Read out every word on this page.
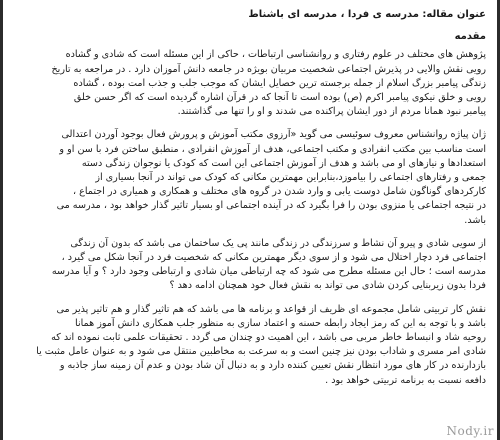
عنوان مقاله: مدرسه ی فردا ، مدرسه ای باشناط
مقدمه
پژوهش های مختلف در علوم رفتاری و روانشناسی ارتباطات ، حاکی از این مسئله است که شادی و گشاده
رویی نقش والایی در پذیرش اجتماعی شخصیت مربیان بویژه در جامعه دانش آموزان دارد . در مراجعه به تاریخ
زندگی پیامبر بزرگ اسلام از جمله برجسته ترین خصایل ایشان که موجب جلب و جذب امت بوده ، گشاده
رویی و خلق نیکوی پیامبر اکرم (ص) بوده است تا آنجا که در قرآن اشاره گردیده است که اگر حسن خلق
پیامبر نبود همانا مردم از دور ایشان پراکنده می شدند و او را تنها می گذاشتند.
ژان پیاژه روانشناس معروف سوئیسی می گوید «آرزوی مکتب آموزش و پرورش فعال بوجود آوردن اعتدالی
است مناسب بین مکتب انفرادی و مکتب اجتماعی، هدف از آموزش انفرادی ، منطبق ساختن فرد با سن او و
استعدادها و نیازهای او می باشد و هدف از آموزش اجتماعی این است که کودک یا نوجوان زندگی دسته
جمعی و رفتارهای اجتماعی را بیاموزد،بنابراین مهمترین مکانی که کودک می تواند در آنجا بسیاری از
کارکردهای گوناگون شامل دوست یابی و وارد شدن در گروه های مختلف و همکاری و همیاری در اجتماع ،
در نتیجه اجتماعی یا منزوی بودن را فرا بگیرد که در آینده اجتماعی او بسیار تاثیر گذار خواهد بود ، مدرسه می
باشد.
از سویی شادی و پیرو آن نشاط و سرزندگی در زندگی مانند پی یک ساختمان می باشد که بدون آن زندگی
اجتماعی فرد دچار اختلال می شود و از سوی دیگر مهمترین مکانی که شخصیت فرد در آنجا شکل می گیرد ،
مدرسه است ؛ حال این مسئله مطرح می شود که چه ارتباطی میان شادی و ارتباطی وجود دارد ؟ و آیا مدرسه
فردا بدون زیربنایی کردن شادی می تواند به نقش فعال خود همچنان ادامه دهد ؟
نقش کار تربیتی شامل مجموعه ای ظریف از قواعد و برنامه ها می باشد که هم تاثیر گذار و هم تاثیر پذیر می
باشد و با توجه به این که رمز ایجاد رابطه حسنه و اعتماد سازی به منظور جلب همکاری دانش آموز همانا
روحیه شاد و انبساط خاطر مربی می باشد ، این اهمیت دو چندان می گردد . تحقیقات علمی ثابت نموده اند که
شادی امر مسری و شاداب بودن نیز چنین است و به سرعت به مخاطبین منتقل می شود و به عنوان عامل مثبت یا
بازدارنده در کار های مورد انتظار نقش تعیین کننده دارد و به دنبال آن شاد بودن و عدم آن زمینه ساز جاذبه و
دافعه نسبت به برنامه تربیتی خواهد بود .
Nody.ir
